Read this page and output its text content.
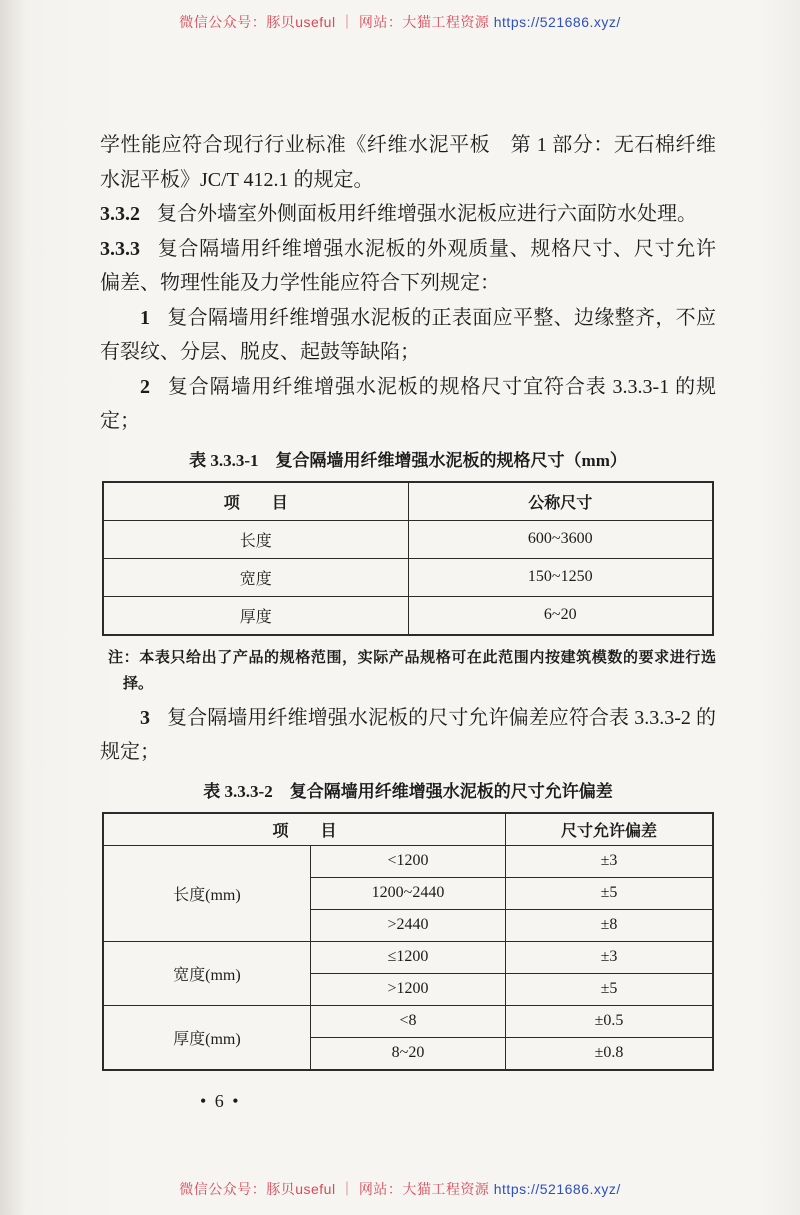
微信公众号：豚贝useful ｜ 网站：大猫工程资源 https://521686.xyz/

学性能应符合现行行业标准《纤维水泥平板　第 1 部分：无石棉纤维水泥平板》JC/T 412.1 的规定。

3.3.2 复合外墙室外侧面板用纤维增强水泥板应进行六面防水处理。

3.3.3 复合隔墙用纤维增强水泥板的外观质量、规格尺寸、尺寸允许偏差、物理性能及力学性能应符合下列规定：

1 复合隔墙用纤维增强水泥板的正表面应平整、边缘整齐，不应有裂纹、分层、脱皮、起鼓等缺陷；

2 复合隔墙用纤维增强水泥板的规格尺寸宜符合表 3.3.3-1 的规定；

表 3.3.3-1　复合隔墙用纤维增强水泥板的规格尺寸（mm）
项　　目	公称尺寸
长度	600~3600
宽度	150~1250
厚度	6~20
注：本表只给出了产品的规格范围，实际产品规格可在此范围内按建筑模数的要求进行选择。

3 复合隔墙用纤维增强水泥板的尺寸允许偏差应符合表 3.3.3-2 的规定；

表 3.3.3-2　复合隔墙用纤维增强水泥板的尺寸允许偏差
项　　目		尺寸允许偏差
长度(mm)	<1200	±3
	1200~2440	±5
	>2440	±8
宽度(mm)	≤1200	±3
	>1200	±5
厚度(mm)	<8	±0.5
	8~20	±0.8
• 6 •
微信公众号：豚贝useful ｜ 网站：大猫工程资源 https://521686.xyz/
